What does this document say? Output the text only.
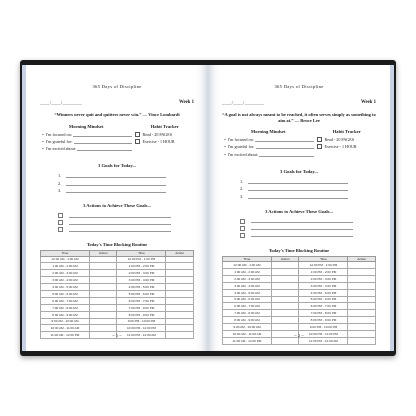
365 Days of Discipline
____/____/________	Week 1
“Winners never quit and quitters never win.” — Vince Lombardi
Morning Mindset
• I'm focused on:
• I'm grateful for:
• I'm excited about:
Habit Tracker
Read - 20 PAGES
Exercise - 1 HOUR
3 Goals for Today...
1.
2.
3.
3 Actions to Achieve These Goals...
Today's Time Blocking Routine
Time	Action	Time	Action
12:00 AM - 1:00 AM		12:00 PM - 1:00 PM	
1:00 AM - 2:00 AM		1:00 PM - 2:00 PM	
2:00 AM - 3:00 AM		2:00 PM - 3:00 PM	
3:00 AM - 4:00 AM		3:00 PM - 4:00 PM	
4:00 AM - 5:00 AM		4:00 PM - 5:00 PM	
5:00 AM - 6:00 AM		5:00 PM - 6:00 PM	
6:00 AM - 7:00 AM		6:00 PM - 7:00 PM	
7:00 AM - 8:00 AM		7:00 PM - 8:00 PM	
8:00 AM - 9:00 AM		8:00 PM - 9:00 PM	
9:00 AM - 10:00 AM		9:00 PM - 10:00 PM	
10:00 AM - 11:00 AM		10:00 PM - 11:00 PM	
11:00 AM - 12:00 PM		11:00 PM - 12:00 AM	
~ 1 ~
365 Days of Discipline
____/____/________	Week 1
“A goal is not always meant to be reached, it often serves simply as something to aim at.” — Bruce Lee
Morning Mindset
• I'm focused on:
• I'm grateful for:
• I'm excited about:
Habit Tracker
Read - 20 PAGES
Exercise - 1 HOUR
3 Goals for Today...
1.
2.
3.
3 Actions to Achieve These Goals...
Today's Time Blocking Routine
Time	Action	Time	Action
12:00 AM - 1:00 AM		12:00 PM - 1:00 PM	
1:00 AM - 2:00 AM		1:00 PM - 2:00 PM	
2:00 AM - 3:00 AM		2:00 PM - 3:00 PM	
3:00 AM - 4:00 AM		3:00 PM - 4:00 PM	
4:00 AM - 5:00 AM		4:00 PM - 5:00 PM	
5:00 AM - 6:00 AM		5:00 PM - 6:00 PM	
6:00 AM - 7:00 AM		6:00 PM - 7:00 PM	
7:00 AM - 8:00 AM		7:00 PM - 8:00 PM	
8:00 AM - 9:00 AM		8:00 PM - 9:00 PM	
9:00 AM - 10:00 AM		9:00 PM - 10:00 PM	
10:00 AM - 11:00 AM		10:00 PM - 11:00 PM	
11:00 AM - 12:00 PM		11:00 PM - 12:00 AM	
~ 2 ~
